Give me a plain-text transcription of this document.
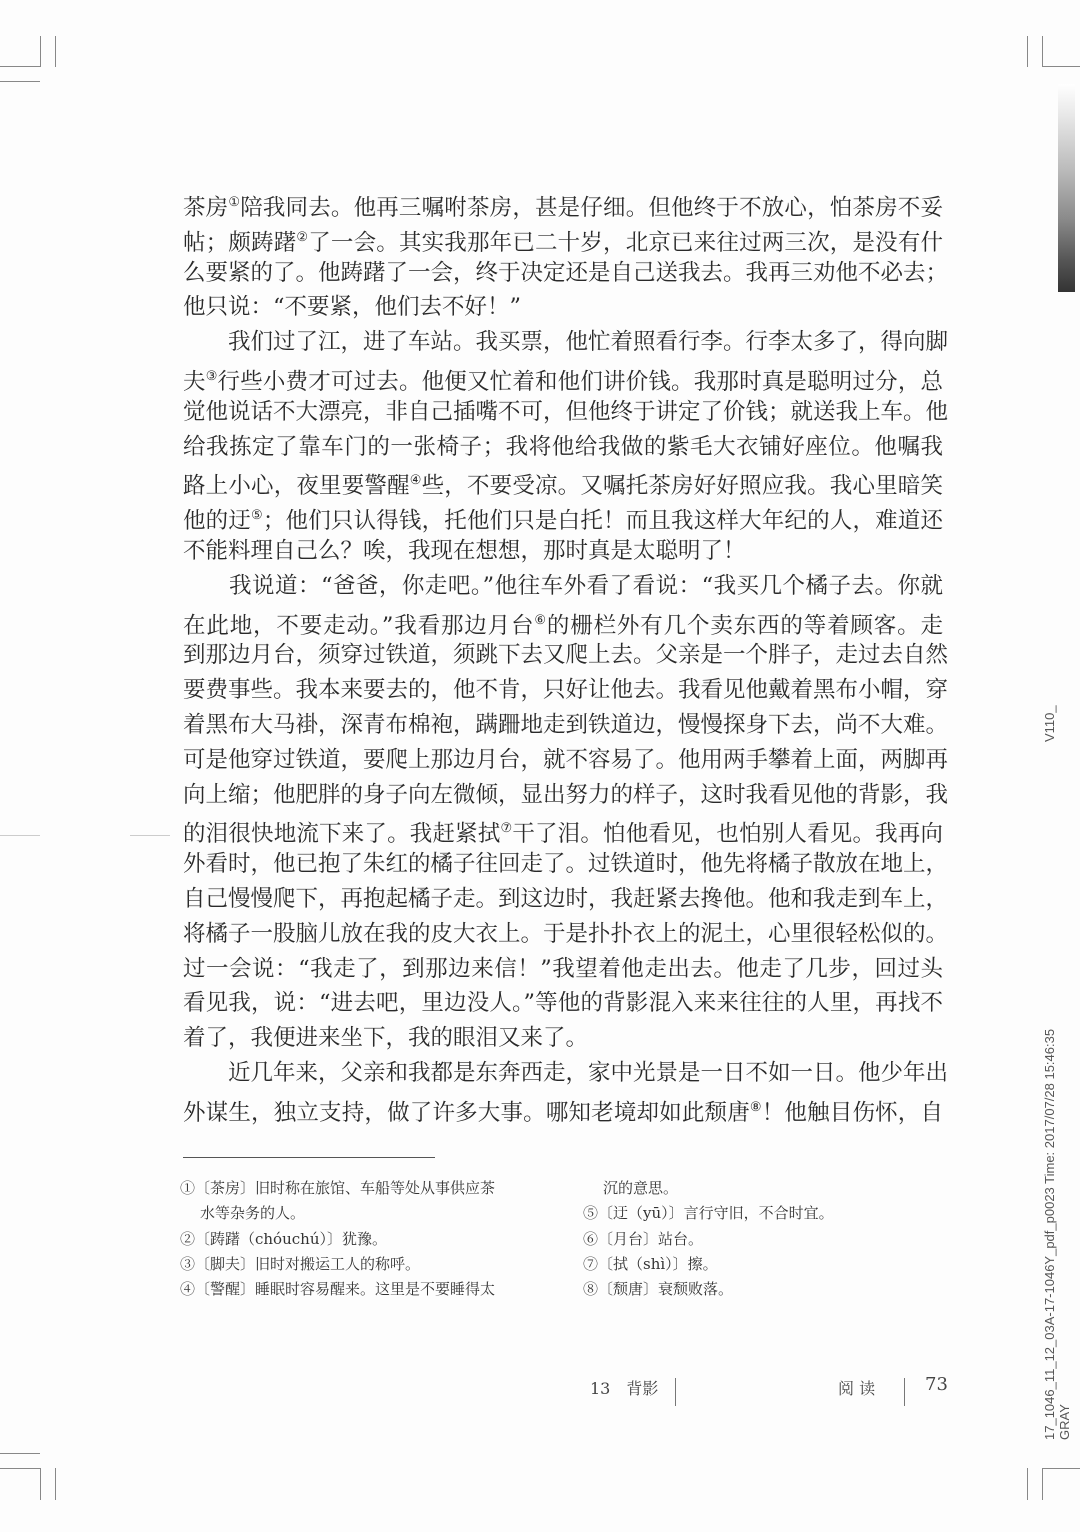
茶房①陪我同去。他再三嘱咐茶房，甚是仔细。但他终于不放心，怕茶房不妥
帖；颇踌躇②了一会。其实我那年已二十岁，北京已来往过两三次，是没有什
么要紧的了。他踌躇了一会，终于决定还是自己送我去。我再三劝他不必去；
他只说：“不要紧，他们去不好！”
　　我们过了江，进了车站。我买票，他忙着照看行李。行李太多了，得向脚
夫③行些小费才可过去。他便又忙着和他们讲价钱。我那时真是聪明过分，总
觉他说话不大漂亮，非自己插嘴不可，但他终于讲定了价钱；就送我上车。他
给我拣定了靠车门的一张椅子；我将他给我做的紫毛大衣铺好座位。他嘱我
路上小心，夜里要警醒④些，不要受凉。又嘱托茶房好好照应我。我心里暗笑
他的迂⑤；他们只认得钱，托他们只是白托！而且我这样大年纪的人，难道还
不能料理自己么？唉，我现在想想，那时真是太聪明了！
　　我说道：“爸爸，你走吧。”他往车外看了看说：“我买几个橘子去。你就
在此地，不要走动。”我看那边月台⑥的栅栏外有几个卖东西的等着顾客。走
到那边月台，须穿过铁道，须跳下去又爬上去。父亲是一个胖子，走过去自然
要费事些。我本来要去的，他不肯，只好让他去。我看见他戴着黑布小帽，穿
着黑布大马褂，深青布棉袍，蹒跚地走到铁道边，慢慢探身下去，尚不大难。
可是他穿过铁道，要爬上那边月台，就不容易了。他用两手攀着上面，两脚再
向上缩；他肥胖的身子向左微倾，显出努力的样子，这时我看见他的背影，我
的泪很快地流下来了。我赶紧拭⑦干了泪。怕他看见，也怕别人看见。我再向
外看时，他已抱了朱红的橘子往回走了。过铁道时，他先将橘子散放在地上，
自己慢慢爬下，再抱起橘子走。到这边时，我赶紧去搀他。他和我走到车上，
将橘子一股脑儿放在我的皮大衣上。于是扑扑衣上的泥土，心里很轻松似的。
过一会说：“我走了，到那边来信！”我望着他走出去。他走了几步，回过头
看见我，说：“进去吧，里边没人。”等他的背影混入来来往往的人里，再找不
着了，我便进来坐下，我的眼泪又来了。
　　近几年来，父亲和我都是东奔西走，家中光景是一日不如一日。他少年出
外谋生，独立支持，做了许多大事。哪知老境却如此颓唐⑧！他触目伤怀，自
①〔茶房〕旧时称在旅馆、车船等处从事供应茶
水等杂务的人。
②〔踌躇（chóuchú）〕犹豫。
③〔脚夫〕旧时对搬运工人的称呼。
④〔警醒〕睡眠时容易醒来。这里是不要睡得太
沉的意思。
⑤〔迂（yū）〕言行守旧，不合时宜。
⑥〔月台〕站台。
⑦〔拭（shì）〕擦。
⑧〔颓唐〕衰颓败落。
13　背影	阅 读	73
V110_
17_1046_11_12_03A-17-1046Y_pdf_p0023 Time: 2017/07/28 15:46:35 GRAY
